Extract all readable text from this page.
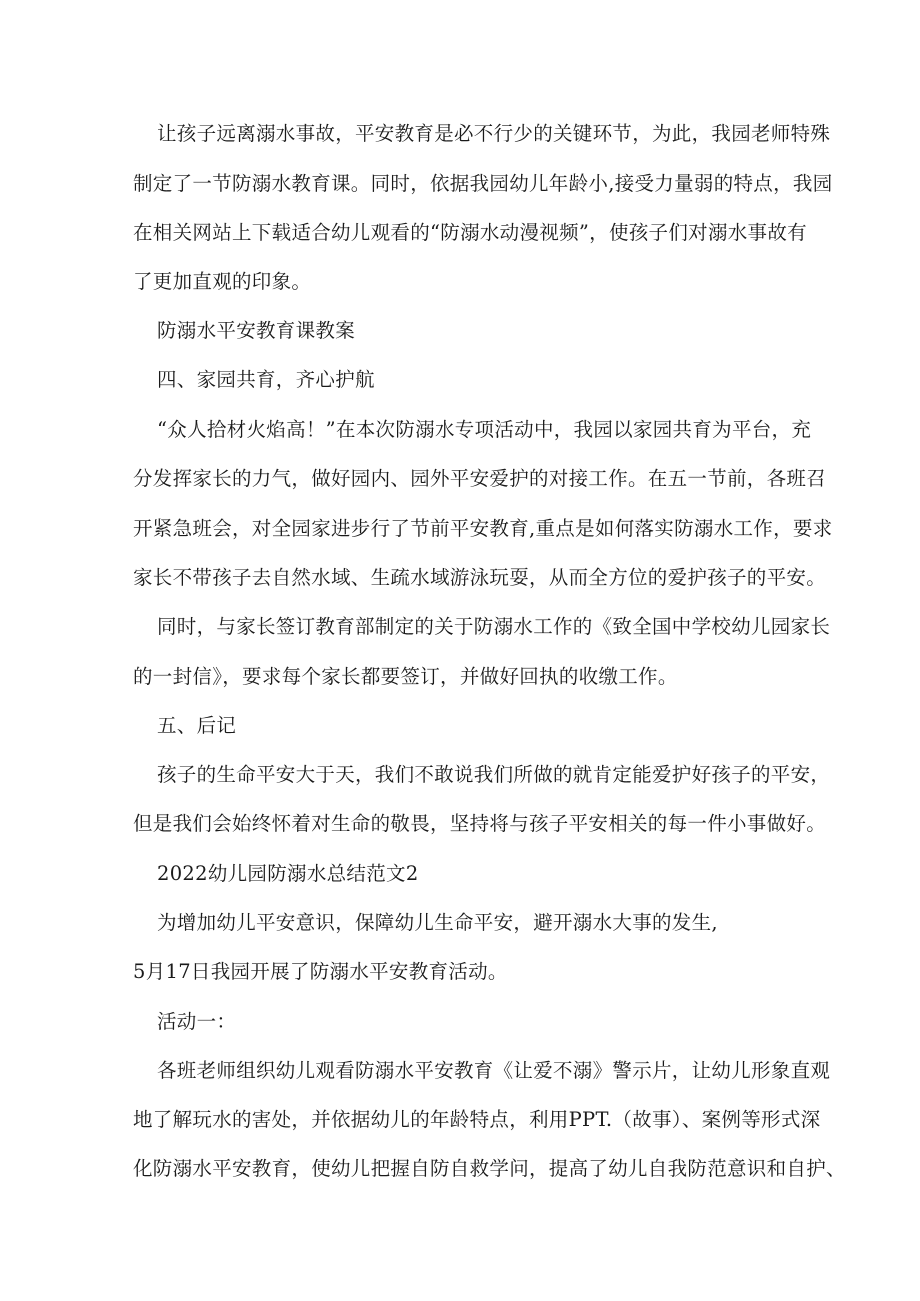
让孩子远离溺水事故，平安教育是必不行少的关键环节，为此，我园老师特殊
制定了一节防溺水教育课。同时，依据我园幼儿年龄小,接受力量弱的特点，我园
在相关网站上下载适合幼儿观看的“防溺水动漫视频”，使孩子们对溺水事故有
了更加直观的印象。
防溺水平安教育课教案
四、家园共育，齐心护航
“众人拾材火焰高！”在本次防溺水专项活动中，我园以家园共育为平台，充
分发挥家长的力气，做好园内、园外平安爱护的对接工作。在五一节前，各班召
开紧急班会，对全园家进步行了节前平安教育,重点是如何落实防溺水工作，要求
家长不带孩子去自然水域、生疏水域游泳玩耍，从而全方位的爱护孩子的平安。
同时，与家长签订教育部制定的关于防溺水工作的《致全国中学校幼儿园家长
的一封信》，要求每个家长都要签订，并做好回执的收缴工作。
五、后记
孩子的生命平安大于天，我们不敢说我们所做的就肯定能爱护好孩子的平安，
但是我们会始终怀着对生命的敬畏，坚持将与孩子平安相关的每一件小事做好。
2022幼儿园防溺水总结范文2
为增加幼儿平安意识，保障幼儿生命平安，避开溺水大事的发生,
5月17日我园开展了防溺水平安教育活动。
活动一：
各班老师组织幼儿观看防溺水平安教育《让爱不溺》警示片，让幼儿形象直观
地了解玩水的害处，并依据幼儿的年龄特点，利用PPT.（故事）、案例等形式深
化防溺水平安教育，使幼儿把握自防自救学问，提高了幼儿自我防范意识和自护、
